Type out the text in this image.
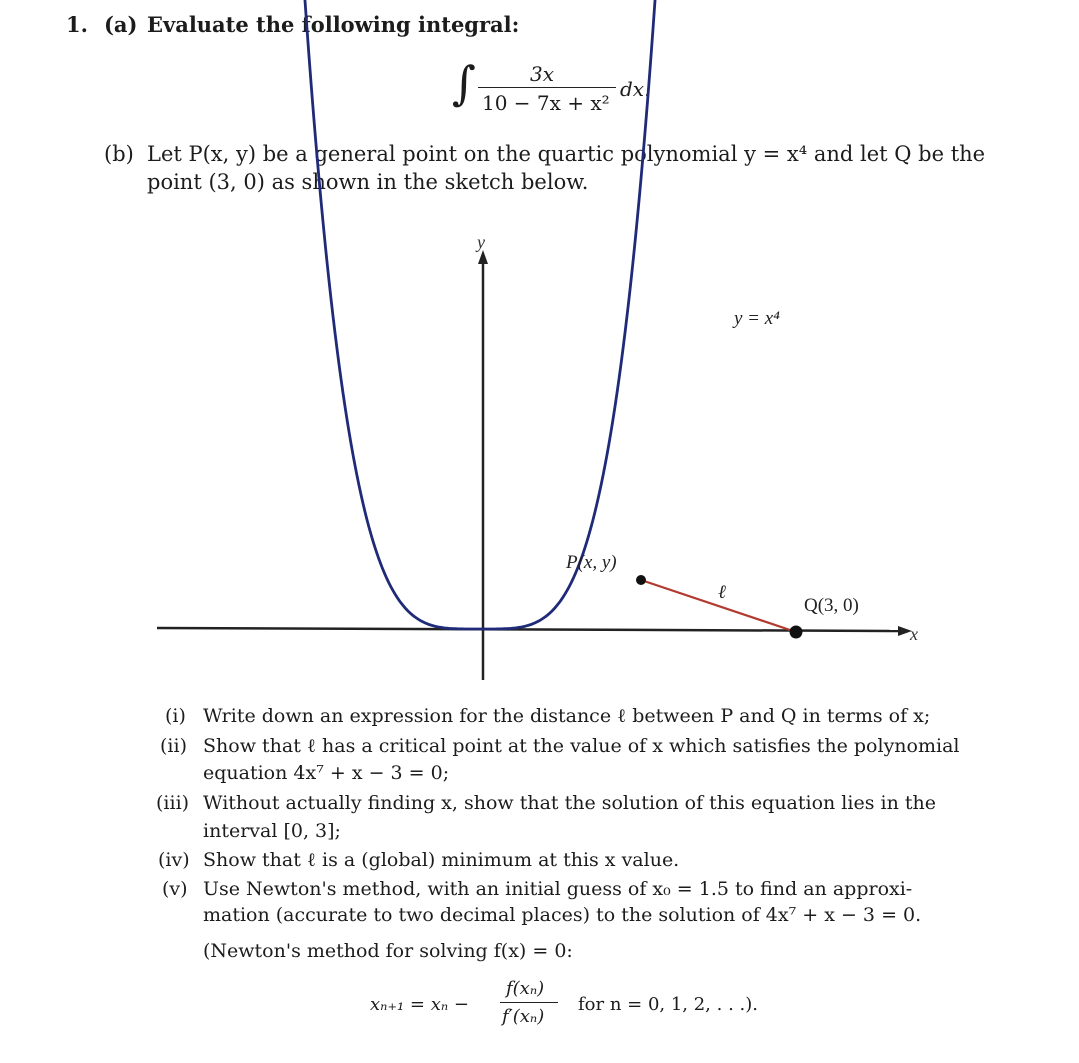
1. (a) Evaluate the following integral:
∫	3x
10 − 7x + x²
dx.
(b) Let P(x, y) be a general point on the quartic polynomial y = x⁴ and let Q be the
point (3, 0) as shown in the sketch below.
y
x
y = x⁴
P(x, y)
Q(3, 0)
ℓ
(i) Write down an expression for the distance ℓ between P and Q in terms of x;
(ii) Show that ℓ has a critical point at the value of x which satisfies the polynomial
equation 4x⁷ + x − 3 = 0;
(iii) Without actually finding x, show that the solution of this equation lies in the
interval [0, 3];
(iv) Show that ℓ is a (global) minimum at this x value.
(v) Use Newton's method, with an initial guess of x₀ = 1.5 to find an approxi-
mation (accurate to two decimal places) to the solution of 4x⁷ + x − 3 = 0.
(Newton's method for solving f(x) = 0:
xₙ₊₁ = xₙ −
f(xₙ)
f′(xₙ)
for n = 0, 1, 2, . . .).
